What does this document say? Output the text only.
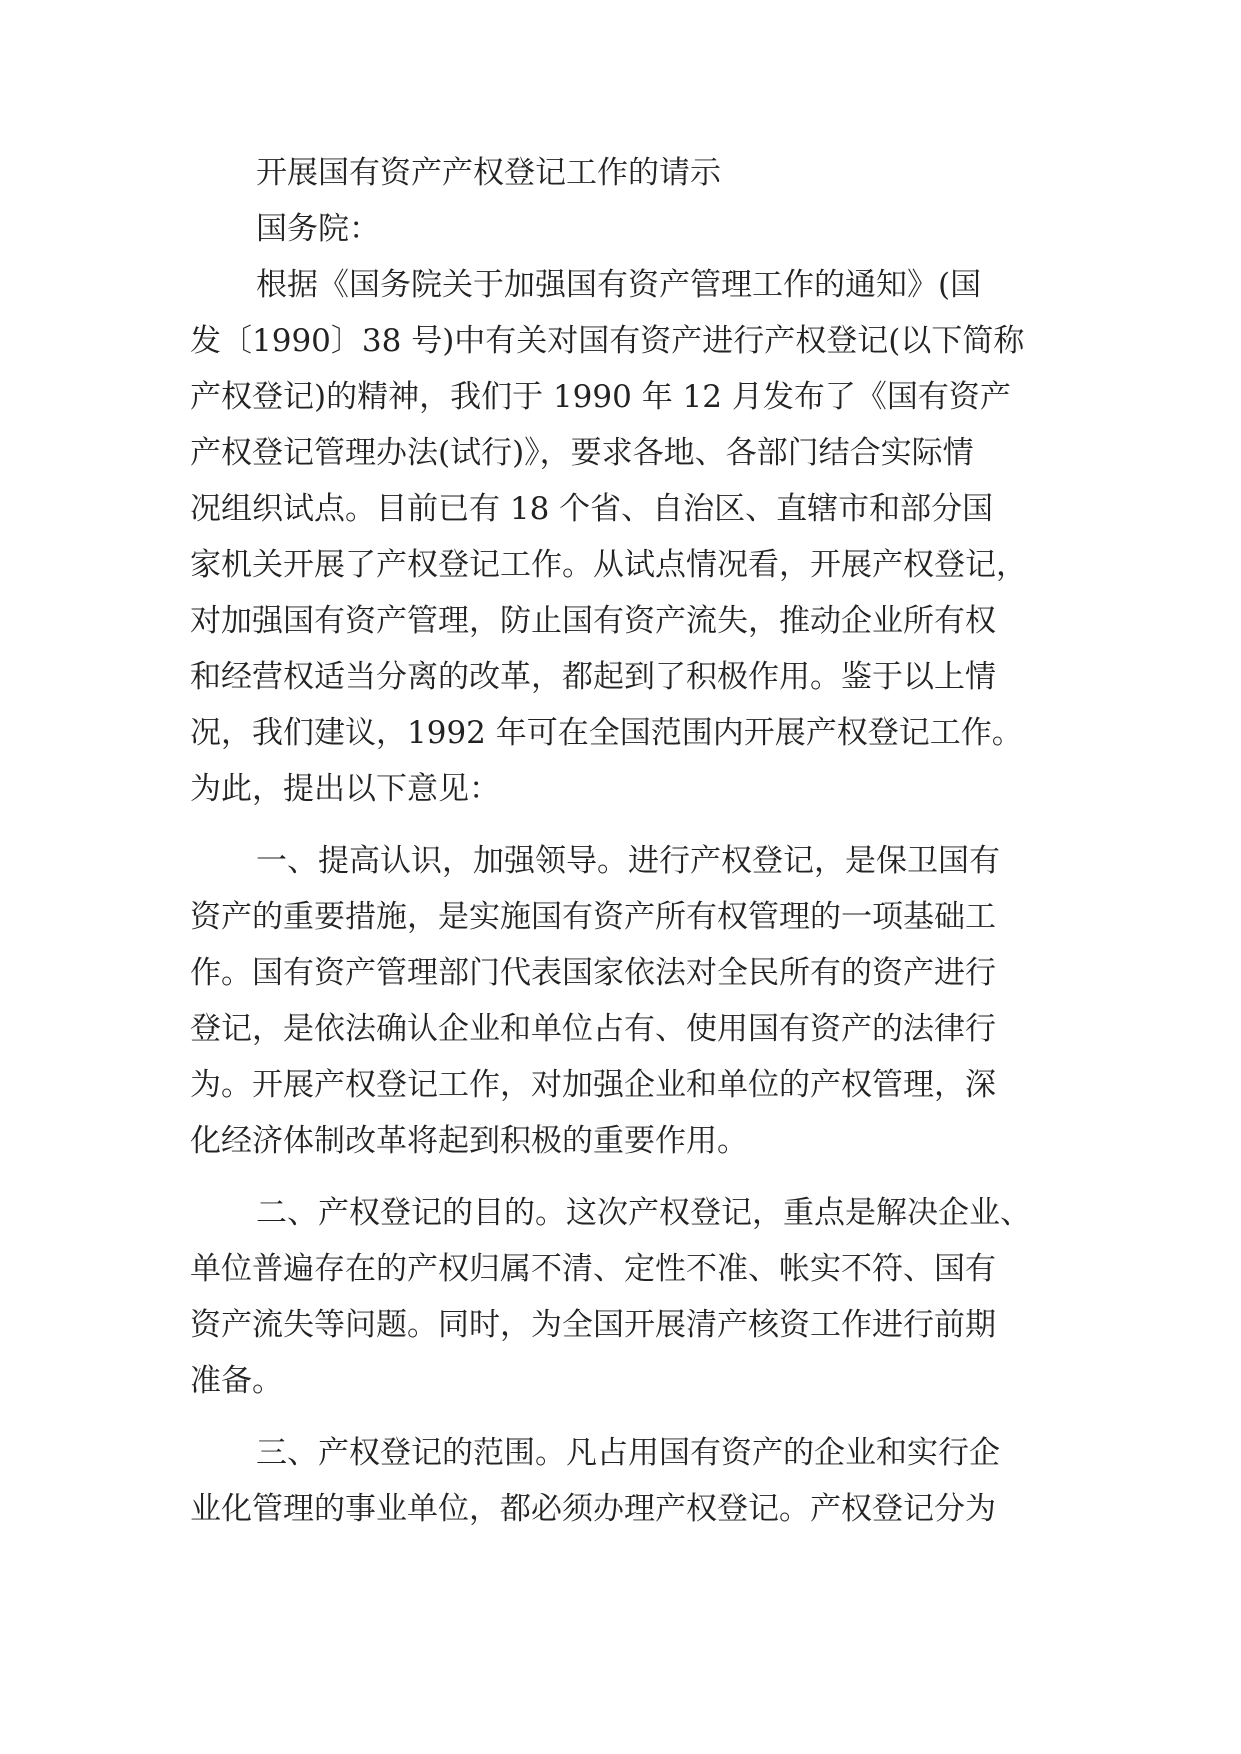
开展国有资产产权登记工作的请示
国务院：
根据《国务院关于加强国有资产管理工作的通知》(国
发〔1990〕38 号)中有关对国有资产进行产权登记(以下简称
产权登记)的精神，我们于 1990 年 12 月发布了《国有资产
产权登记管理办法(试行)》，要求各地、各部门结合实际情
况组织试点。目前已有 18 个省、自治区、直辖市和部分国
家机关开展了产权登记工作。从试点情况看，开展产权登记，
对加强国有资产管理，防止国有资产流失，推动企业所有权
和经营权适当分离的改革，都起到了积极作用。鉴于以上情
况，我们建议，1992 年可在全国范围内开展产权登记工作。
为此，提出以下意见：
一、提高认识，加强领导。进行产权登记，是保卫国有
资产的重要措施，是实施国有资产所有权管理的一项基础工
作。国有资产管理部门代表国家依法对全民所有的资产进行
登记，是依法确认企业和单位占有、使用国有资产的法律行
为。开展产权登记工作，对加强企业和单位的产权管理，深
化经济体制改革将起到积极的重要作用。
二、产权登记的目的。这次产权登记，重点是解决企业、
单位普遍存在的产权归属不清、定性不准、帐实不符、国有
资产流失等问题。同时，为全国开展清产核资工作进行前期
准备。
三、产权登记的范围。凡占用国有资产的企业和实行企
业化管理的事业单位，都必须办理产权登记。产权登记分为
